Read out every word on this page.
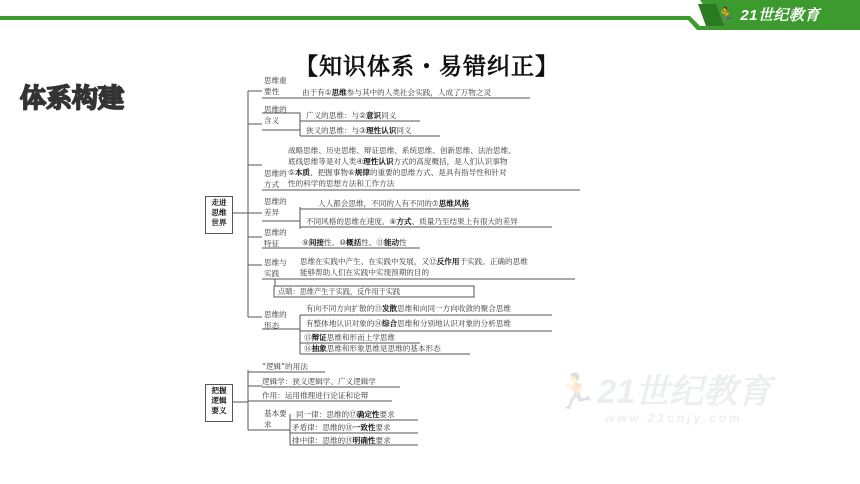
🏃 21世纪教育
www.21cnjy.com
【知识体系・易错纠正】
体 系 构 建
走进思维世界
思维重要性	由于有①思维参与其中的人类社会实践，人成了万物之灵
思维的含义
广义的思维：与②意识同义
狭义的思维：与③理性认识同义
思维的方式
战略思维、历史思维、辩证思维、系统思维、创新思维、法治思维、
底线思维等是对人类④理性认识方式的高度概括，是人们认识事物
⑤本质、把握事物⑥规律的重要的思维方式、是具有指导性和针对
性的科学的思想方法和工作方法
思维的差异
人人都会思维，不同的人有不同的⑦思维风格
不同风格的思维在速度、⑧方式、质量乃至结果上有很大的差异
思维的特征	⑨间接性、⑩概括性、⑪能动性
思维与实践
思维在实践中产生、在实践中发展，又⑫反作用于实践。正确的思维
能够帮助人们在实践中实现预期的目的
点睛：思维产生于实践，反作用于实践
思维的形态
有向不同方向扩散的⑬发散思维和向同一方向收敛的聚合思维
有整体地认识对象的⑭综合思维和分别地认识对象的分析思维
⑮辩证思维和形而上学思维
⑯抽象思维和形象思维是思维的基本形态
把握逻辑要义
“逻辑”的用法
逻辑学：狭义逻辑学、广义逻辑学
作用：运用推理进行论证和论辩
基本要求
同一律：思维的⑰确定性要求
矛盾律：思维的⑱一致性要求
排中律：思维的⑲明确性要求
🏃21世纪教育
www.21cnjy.com
